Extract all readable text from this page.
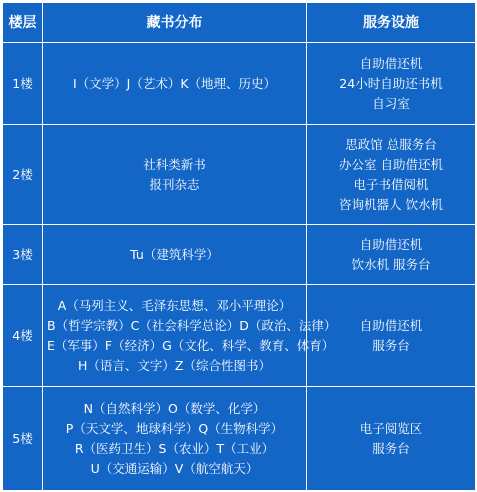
楼层	藏书分布	服务设施
1楼	I（文学）J（艺术）K（地理、历史）	自助借还机
24小时自助还书机
自习室

2楼	社科类新书
报刊杂志	思政馆 总服务台
办公室 自助借还机
电子书借阅机
咨询机器人 饮水机

3楼	Tu（建筑科学）	自助借还机
饮水机 服务台

4楼	A（马列主义、毛泽东思想、邓小平理论）
B（哲学宗教）C（社会科学总论）D（政治、法律）
E（军事）F（经济）G（文化、科学、教育、体育）
H（语言、文字）Z（综合性图书）	自助借还机
服务台

5楼	N（自然科学）O（数学、化学）
P（天文学、地球科学）Q（生物科学）
R（医药卫生）S（农业）T（工业）
U（交通运输）V（航空航天）	电子阅览区
服务台
